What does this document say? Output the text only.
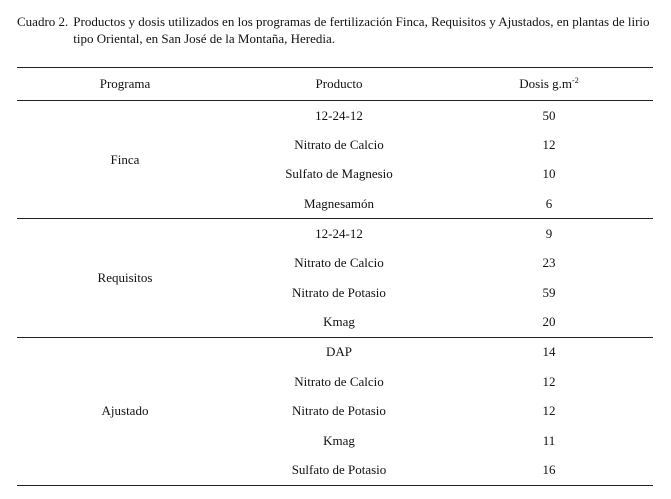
Cuadro 2. Productos y dosis utilizados en los programas de fertilización Finca, Requisitos y Ajustados, en plantas de lirio tipo Oriental, en San José de la Montaña, Heredia.
Programa	Producto	Dosis $g.m^{-2}$
Finca	12-24-12	50
	Nitrato de Calcio	12
	Sulfato de Magnesio	10
	Magnesamón	6
Requisitos	12-24-12	9
	Nitrato de Calcio	23
	Nitrato de Potasio	59
	Kmag	20
Ajustado	DAP	14
	Nitrato de Calcio	12
	Nitrato de Potasio	12
	Kmag	11
	Sulfato de Potasio	16
